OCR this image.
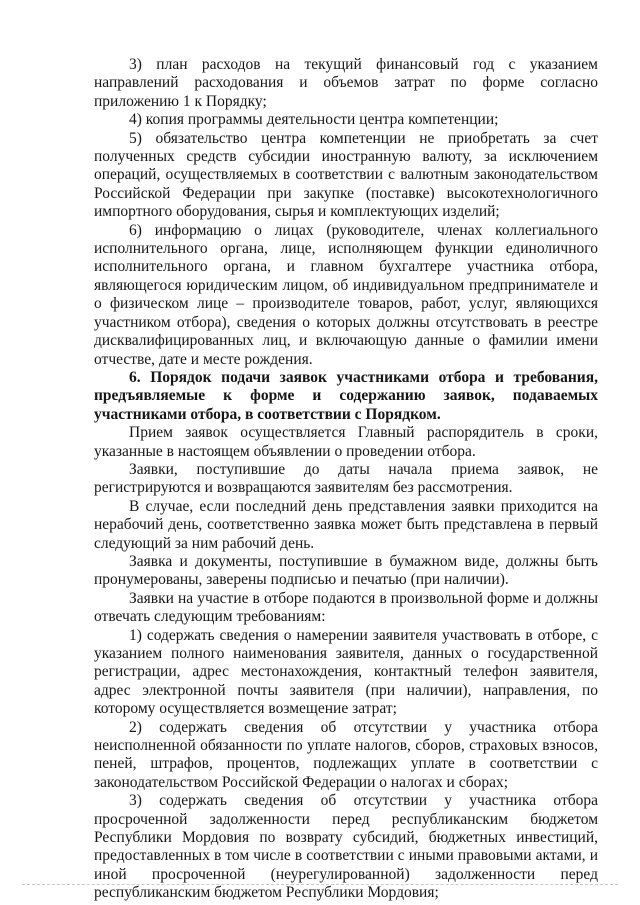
3) план расходов на текущий финансовый год с указанием направлений расходования и объемов затрат по форме согласно приложению 1 к Порядку;

4) копия программы деятельности центра компетенции;

5) обязательство центра компетенции не приобретать за счет полученных средств субсидии иностранную валюту, за исключением операций, осуществляемых в соответствии с валютным законодательством Российской Федерации при закупке (поставке) высокотехнологичного импортного оборудования, сырья и комплектующих изделий;

6) информацию о лицах (руководителе, членах коллегиального исполнительного органа, лице, исполняющем функции единоличного исполнительного органа, и главном бухгалтере участника отбора, являющегося юридическим лицом, об индивидуальном предпринимателе и о физическом лице – производителе товаров, работ, услуг, являющихся участником отбора), сведения о которых должны отсутствовать в реестре дисквалифицированных лиц, и включающую данные о фамилии имени отчестве, дате и месте рождения.

6. Порядок подачи заявок участниками отбора и требования, предъявляемые к форме и содержанию заявок, подаваемых участниками отбора, в соответствии с Порядком.

Прием заявок осуществляется Главный распорядитель в сроки, указанные в настоящем объявлении о проведении отбора.

Заявки, поступившие до даты начала приема заявок, не регистрируются и возвращаются заявителям без рассмотрения.

В случае, если последний день представления заявки приходится на нерабочий день, соответственно заявка может быть представлена в первый следующий за ним рабочий день.

Заявка и документы, поступившие в бумажном виде, должны быть пронумерованы, заверены подписью и печатью (при наличии).

Заявки на участие в отборе подаются в произвольной форме и должны отвечать следующим требованиям:

1) содержать сведения о намерении заявителя участвовать в отборе, с указанием полного наименования заявителя, данных о государственной регистрации, адрес местонахождения, контактный телефон заявителя, адрес электронной почты заявителя (при наличии), направления, по которому осуществляется возмещение затрат;

2) содержать сведения об отсутствии у участника отбора неисполненной обязанности по уплате налогов, сборов, страховых взносов, пеней, штрафов, процентов, подлежащих уплате в соответствии с законодательством Российской Федерации о налогах и сборах;

3) содержать сведения об отсутствии у участника отбора просроченной задолженности перед республиканским бюджетом Республики Мордовия по возврату субсидий, бюджетных инвестиций, предоставленных в том числе в соответствии с иными правовыми актами, и иной просроченной (неурегулированной) задолженности перед республиканским бюджетом Республики Мордовия;
